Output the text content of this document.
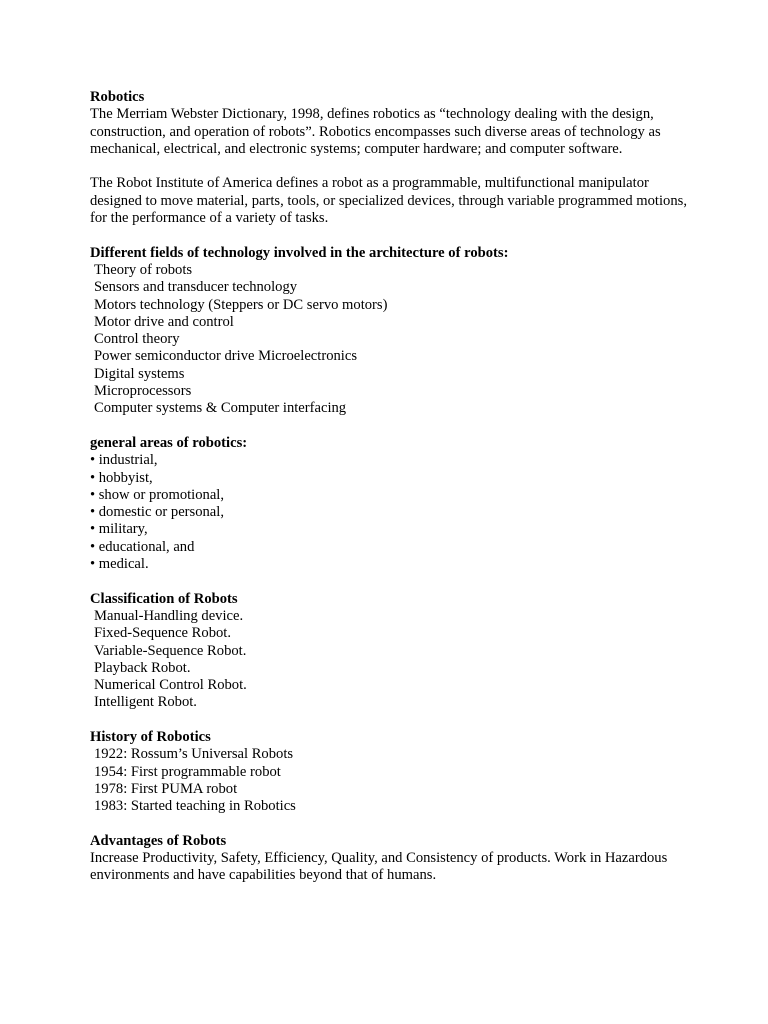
Robotics

The Merriam Webster Dictionary, 1998, defines robotics as “technology dealing with the design, construction, and operation of robots”. Robotics encompasses such diverse areas of technology as mechanical, electrical, and electronic systems; computer hardware; and computer software.

The Robot Institute of America defines a robot as a programmable, multifunctional manipulator designed to move material, parts, tools, or specialized devices, through variable programmed motions, for the performance of a variety of tasks.

Different fields of technology involved in the architecture of robots:

Theory of robots
Sensors and transducer technology
Motors technology (Steppers or DC servo motors)
Motor drive and control
Control theory
Power semiconductor drive Microelectronics
Digital systems
Microprocessors
Computer systems & Computer interfacing

general areas of robotics:

• industrial,
• hobbyist,
• show or promotional,
• domestic or personal,
• military,
• educational, and
• medical.

Classification of Robots

Manual-Handling device.
Fixed-Sequence Robot.
Variable-Sequence Robot.
Playback Robot.
Numerical Control Robot.
Intelligent Robot.

History of Robotics

1922: Rossum’s Universal Robots
1954: First programmable robot
1978: First PUMA robot
1983: Started teaching in Robotics

Advantages of Robots

Increase Productivity, Safety, Efficiency, Quality, and Consistency of products. Work in Hazardous environments and have capabilities beyond that of humans.
